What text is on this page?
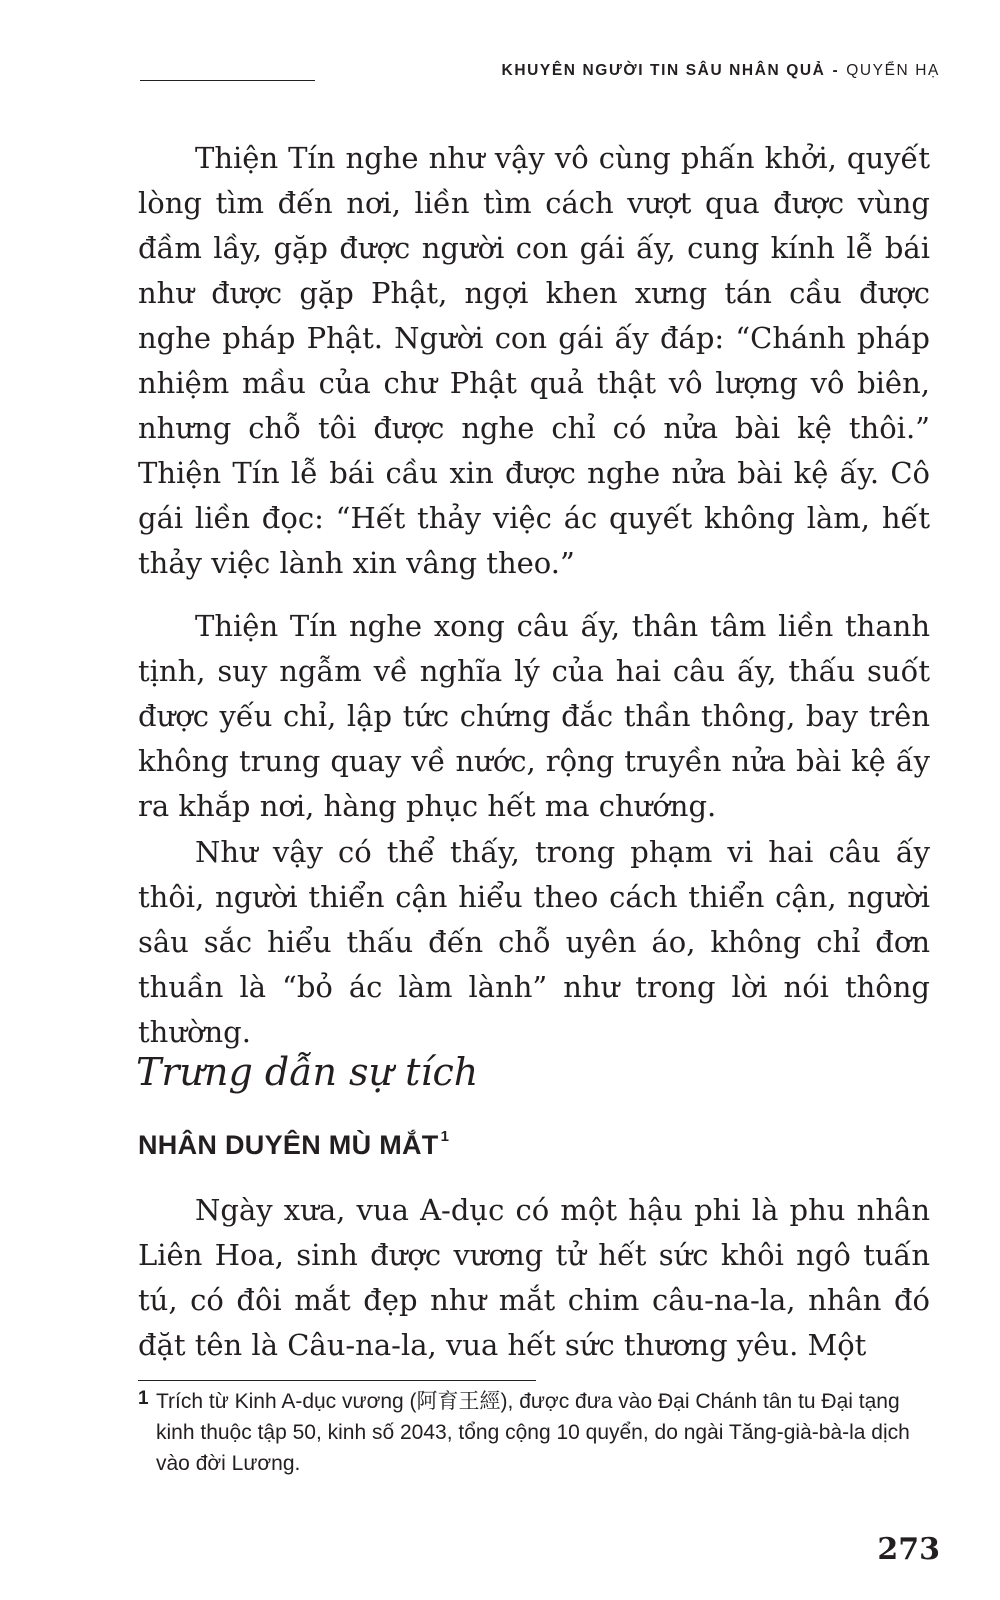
KHUYÊN NGƯỜI TIN SÂU NHÂN QUẢ - QUYỂN HẠ

Thiện Tín nghe như vậy vô cùng phấn khởi, quyết lòng tìm đến nơi, liền tìm cách vượt qua được vùng đầm lầy, gặp được người con gái ấy, cung kính lễ bái như được gặp Phật, ngợi khen xưng tán cầu được nghe pháp Phật. Người con gái ấy đáp: “Chánh pháp nhiệm mầu của chư Phật quả thật vô lượng vô biên, nhưng chỗ tôi được nghe chỉ có nửa bài kệ thôi.” Thiện Tín lễ bái cầu xin được nghe nửa bài kệ ấy. Cô gái liền đọc: “Hết thảy việc ác quyết không làm, hết thảy việc lành xin vâng theo.”

Thiện Tín nghe xong câu ấy, thân tâm liền thanh tịnh, suy ngẫm về nghĩa lý của hai câu ấy, thấu suốt được yếu chỉ, lập tức chứng đắc thần thông, bay trên không trung quay về nước, rộng truyền nửa bài kệ ấy ra khắp nơi, hàng phục hết ma chướng.

Như vậy có thể thấy, trong phạm vi hai câu ấy thôi, người thiển cận hiểu theo cách thiển cận, người sâu sắc hiểu thấu đến chỗ uyên áo, không chỉ đơn thuần là “bỏ ác làm lành” như trong lời nói thông thường.

Trưng dẫn sự tích
NHÂN DUYÊN MÙ MẮT $^1$

Ngày xưa, vua A-dục có một hậu phi là phu nhân Liên Hoa, sinh được vương tử hết sức khôi ngô tuấn tú, có đôi mắt đẹp như mắt chim câu-na-la, nhân đó đặt tên là Câu-na-la, vua hết sức thương yêu. Một

1 Trích từ Kinh A-dục vương (阿育王經), được đưa vào Đại Chánh tân tu Đại tạng kinh thuộc tập 50, kinh số 2043, tổng cộng 10 quyển, do ngài Tăng-già-bà-la dịch vào đời Lương.

273
